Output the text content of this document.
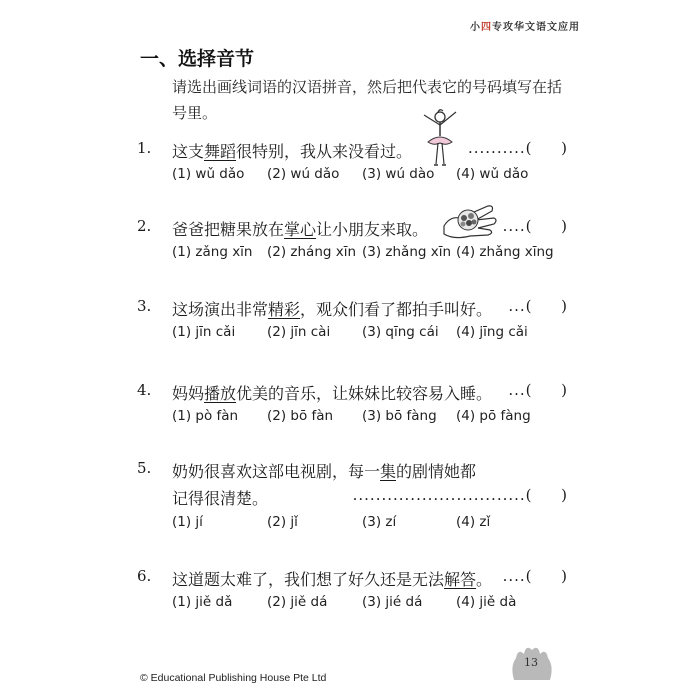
小四专攻华文语文应用
一、选择音节
请选出画线词语的汉语拼音，然后把代表它的号码填写在括号里。
1.	这支舞蹈很特别，我从来没看过。	..........( )
(1) wǔ dǎo (2) wú dǎo (3) wú dào (4) wǔ dǎo
2.	爸爸把糖果放在掌心让小朋友来取。	....( )
(1) zǎng xīn (2) zháng xīn (3) zhǎng xīn (4) zhǎng xīng
3.	这场演出非常精彩，观众们看了都拍手叫好。 ...( )
(1) jīn cǎi (2) jīn cài (3) qīng cái (4) jīng cǎi
4.	妈妈播放优美的音乐，让妹妹比较容易入睡。 ...( )
(1) pò fàn (2) bō fàn (3) bō fàng (4) pō fàng
5.	奶奶很喜欢这部电视剧，每一集的剧情她都
记得很清楚。	..............................( )
(1) jí	(2) jǐ	(3) zí	(4) zǐ
6.	这道题太难了，我们想了好久还是无法解答。 ....( )
(1) jiě dǎ	(2) jiě dá	(3) jié dá (4) jiě dà
© Educational Publishing House Pte Ltd
13
